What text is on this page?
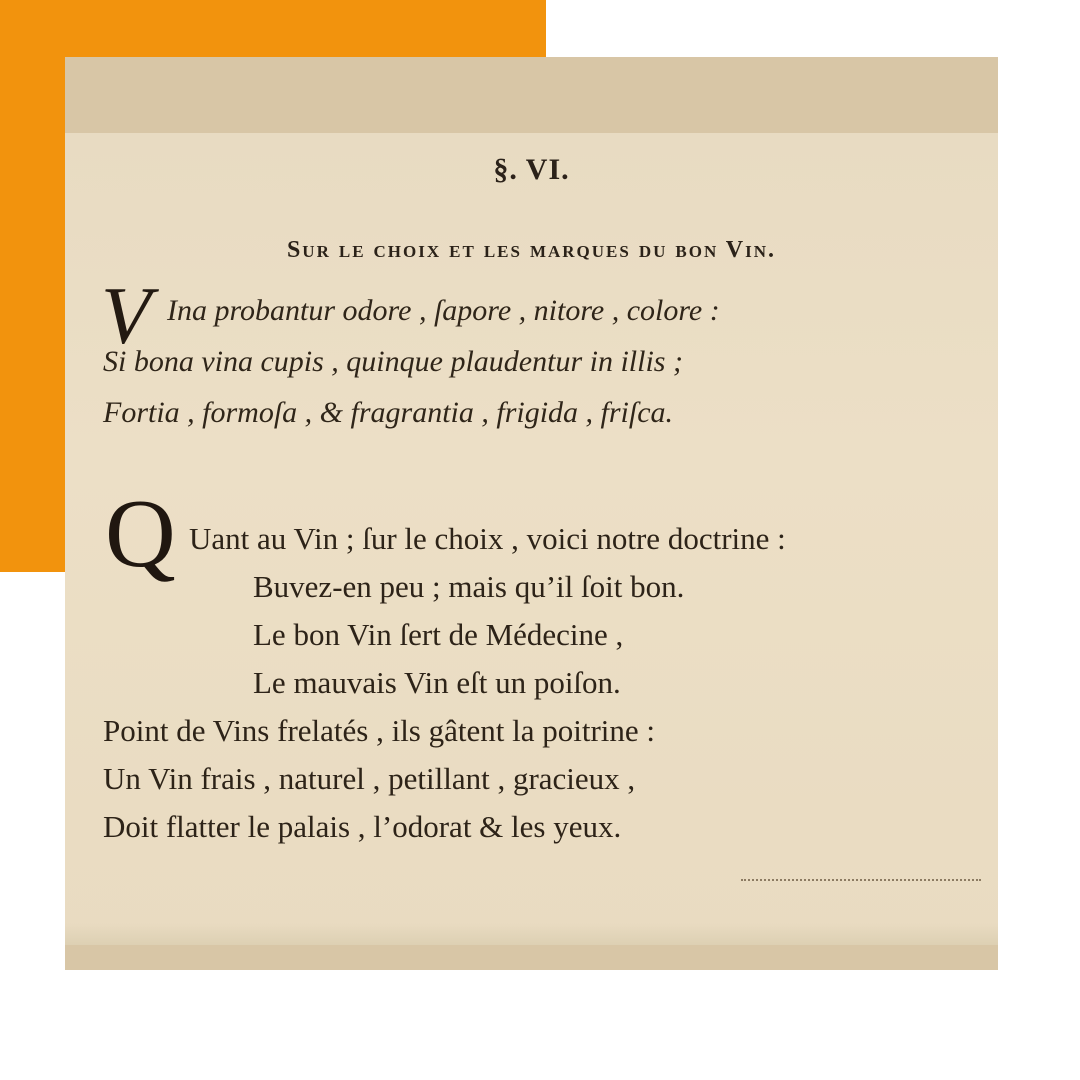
§. VI.
Sur le choix et les marques du bon Vin.
V Ina probantur odore , ſapore , nitore , colore :
Si bona vina cupis , quinque plaudentur in illis ;
Fortia , formoſa , & fragrantia , frigida , friſca.
Q Uant au Vin ; ſur le choix , voici notre doctrine :
Buvez-en peu ; mais qu’il ſoit bon.
Le bon Vin ſert de Médecine ,
Le mauvais Vin eſt un poiſon.
Point de Vins frelatés , ils gâtent la poitrine :
Un Vin frais , naturel , petillant , gracieux ,
Doit flatter le palais , l’odorat & les yeux.
